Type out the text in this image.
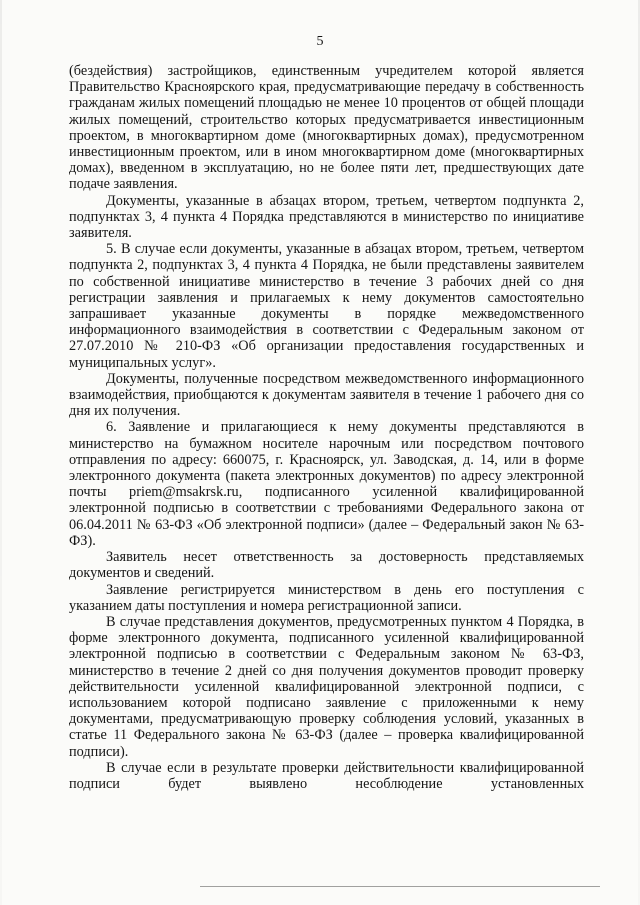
5

(бездействия) застройщиков, единственным учредителем которой является Правительство Красноярского края, предусматривающие передачу в собственность гражданам жилых помещений площадью не менее 10 процентов от общей площади жилых помещений, строительство которых предусматривается инвестиционным проектом, в многоквартирном доме (многоквартирных домах), предусмотренном инвестиционным проектом, или в ином многоквартирном доме (многоквартирных домах), введенном в эксплуатацию, но не более пяти лет, предшествующих дате подаче заявления.

Документы, указанные в абзацах втором, третьем, четвертом подпункта 2, подпунктах 3, 4 пункта 4 Порядка представляются в министерство по инициативе заявителя.

5. В случае если документы, указанные в абзацах втором, третьем, четвертом подпункта 2, подпунктах 3, 4 пункта 4 Порядка, не были представлены заявителем по собственной инициативе министерство в течение 3 рабочих дней со дня регистрации заявления и прилагаемых к нему документов самостоятельно запрашивает указанные документы в порядке межведомственного информационного взаимодействия в соответствии с Федеральным законом от 27.07.2010 № 210-ФЗ «Об организации предоставления государственных и муниципальных услуг».

Документы, полученные посредством межведомственного информационного взаимодействия, приобщаются к документам заявителя в течение 1 рабочего дня со дня их получения.

6. Заявление и прилагающиеся к нему документы представляются в министерство на бумажном носителе нарочным или посредством почтового отправления по адресу: 660075, г. Красноярск, ул. Заводская, д. 14, или в форме электронного документа (пакета электронных документов) по адресу электронной почты priem@msakrsk.ru, подписанного усиленной квалифицированной электронной подписью в соответствии с требованиями Федерального закона от 06.04.2011 № 63-ФЗ «Об электронной подписи» (далее – Федеральный закон № 63-ФЗ).

Заявитель несет ответственность за достоверность представляемых документов и сведений.

Заявление регистрируется министерством в день его поступления с указанием даты поступления и номера регистрационной записи.

В случае представления документов, предусмотренных пунктом 4 Порядка, в форме электронного документа, подписанного усиленной квалифицированной электронной подписью в соответствии с Федеральным законом № 63-ФЗ, министерство в течение 2 дней со дня получения документов проводит проверку действительности усиленной квалифицированной электронной подписи, с использованием которой подписано заявление с приложенными к нему документами, предусматривающую проверку соблюдения условий, указанных в статье 11 Федерального закона № 63-ФЗ (далее – проверка квалифицированной подписи).

В случае если в результате проверки действительности квалифицированной подписи будет выявлено несоблюдение установленных
